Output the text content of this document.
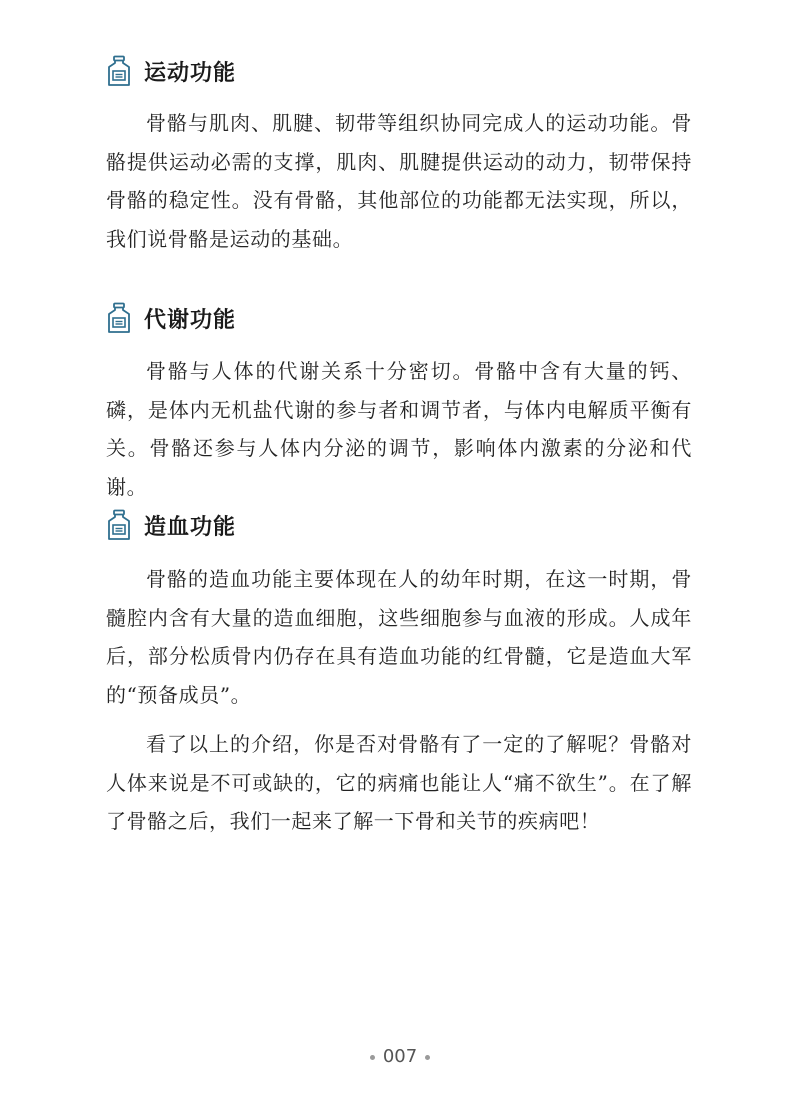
运动功能

骨骼与肌肉、肌腱、韧带等组织协同完成人的运动功能。骨骼提供运动必需的支撑，肌肉、肌腱提供运动的动力，韧带保持骨骼的稳定性。没有骨骼，其他部位的功能都无法实现，所以，我们说骨骼是运动的基础。

代谢功能

骨骼与人体的代谢关系十分密切。骨骼中含有大量的钙、磷，是体内无机盐代谢的参与者和调节者，与体内电解质平衡有关。骨骼还参与人体内分泌的调节，影响体内激素的分泌和代谢。

造血功能

骨骼的造血功能主要体现在人的幼年时期，在这一时期，骨髓腔内含有大量的造血细胞，这些细胞参与血液的形成。人成年后，部分松质骨内仍存在具有造血功能的红骨髓，它是造血大军的“预备成员”。

看了以上的介绍，你是否对骨骼有了一定的了解呢？骨骼对人体来说是不可或缺的，它的病痛也能让人“痛不欲生”。在了解了骨骼之后，我们一起来了解一下骨和关节的疾病吧！

007
